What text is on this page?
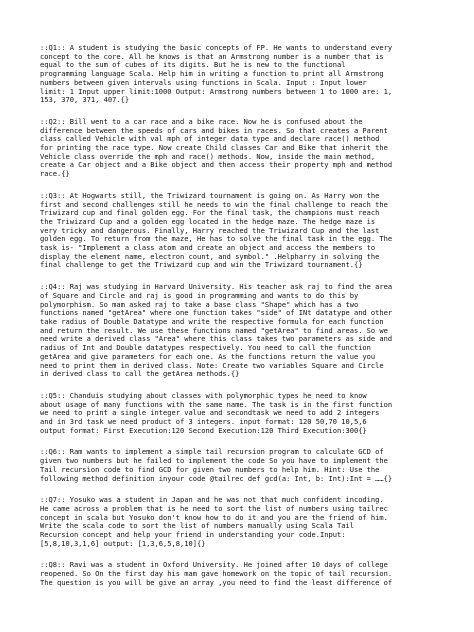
::Q1:: A student is studying the basic concepts of FP. He wants to understand every
concept to the core. All he knows is that an Armstrong number is a number that is
equal to the sum of cubes of its digits. But he is new to the functional
programming language Scala. Help him in writing a function to print all Armstrong
numbers between given intervals using functions in Scala. Input : Input lower
limit: 1 Input upper limit:1000 Output: Armstrong numbers between 1 to 1000 are: 1,
153, 370, 371, 407.{}
::Q2:: Bill went to a car race and a bike race. Now he is confused about the
difference between the speeds of cars and bikes in races. So that creates a Parent
class called Vehicle with val mph of integer data type and declare race() method
for printing the race type. Now create Child classes Car and Bike that inherit the
Vehicle class override the mph and race() methods. Now, inside the main method,
create a Car object and a Bike object and then access their property mph and method
race.{}
::Q3:: At Hogwarts still, the Triwizard tournament is going on. As Harry won the
first and second challenges still he needs to win the final challenge to reach the
Triwizard cup and final golden egg. For the final task, the champions must reach
the Triwizard Cup and a golden egg located in the hedge maze. The hedge maze is
very tricky and dangerous. Finally, Harry reached the Triwizard Cup and the last
golden egg. To return from the maze, He has to solve the final task in the egg. The
task is- "Implement a class atom and create an object and access the members to
display the element name, electron count, and symbol." .Helpharry in solving the
final challenge to get the Triwizard cup and win the Triwizard tournament.{}
::Q4:: Raj was studying in Harvard University. His teacher ask raj to find the area
of Square and Circle and raj is good in programming and wants to do this by
polymorphism. So mam asked raj to take a base class "Shape" which has a two
functions named "getArea" where one function takes "side" of INt datatype and other
take radius of Double Datatype and write the respective formula for each function
and return the result. We use these functions named "getArea" to find areas. So we
need write a derived class "Area" where this class takes two parameters as side and
radius of Int and Double datatypes respectively. You need to call the function
getArea and give parameters for each one. As the functions return the value you
need to print them in derived class. Note: Create two variables Square and Circle
in derived class to call the getArea methods.{}
::Q5:: Chanduis studying about classes with polymorphic types he need to know
about usage of many functions with the same name. The task is in the first function
we need to print a single integer value and secondtask we need to add 2 integers
and in 3rd task we need product of 3 integers. input format: 120 50,70 10,5,6
output format: First Execution:120 Second Execution:120 Third Execution:300{}
::Q6:: Ram wants to implement a simple tail recursion program to calculate GCD of
given two numbers but he failed to implement the code So you have to implement the
Tail recursion code to find GCD for given two numbers to help him. Hint: Use the
following method definition inyour code @tailrec def gcd(a: Int, b: Int):Int = ……{}
::Q7:: Yosuko was a student in Japan and he was not that much confident incoding.
He came across a problem that is he need to sort the list of numbers using tailrec
concept in scala but Yosuko don't know how to do it and you are the friend of him.
Write the scala code to sort the list of numbers manually using Scala Tail
Recursion concept and help your friend in understanding your code.Input:
[5,8,10,3,1,6] output: [1,3,6,5,8,10]{}
::Q8:: Ravi was a student in Oxford University. He joined after 10 days of college
reopened. So On the first day his mam gave homework on the topic of tail recursion.
The question is you will be give an array ,you need to find the least difference of
